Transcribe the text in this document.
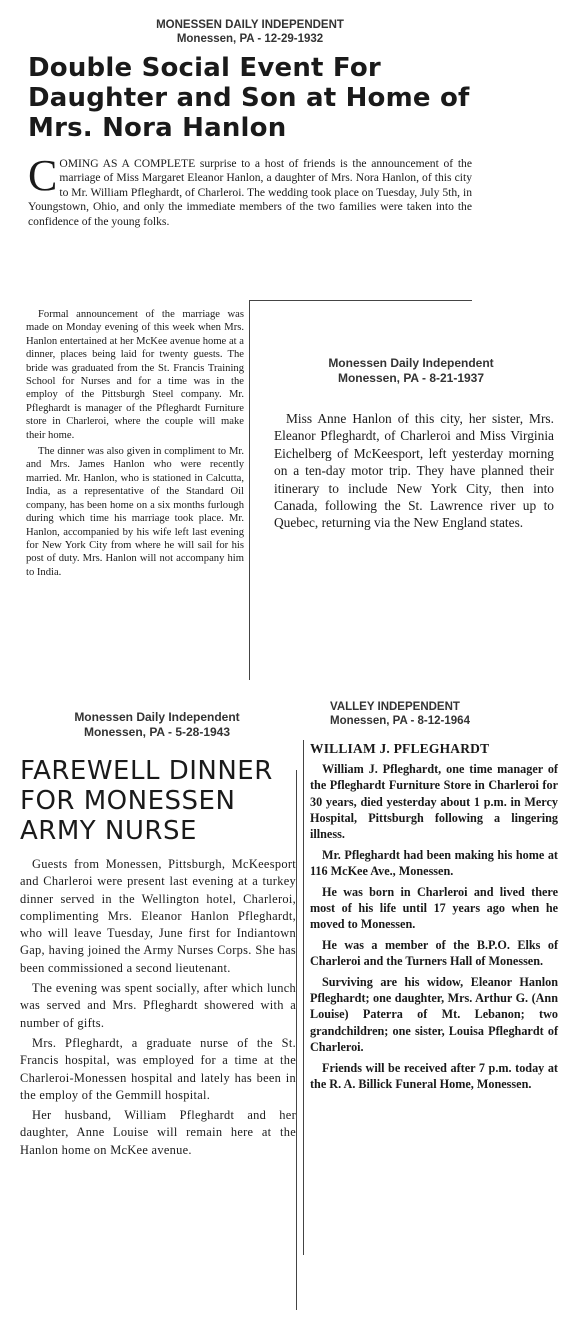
MONESSEN DAILY INDEPENDENT
Monessen, PA - 12-29-1932
Double Social Event For Daughter and Son at Home of Mrs. Nora Hanlon
C OMING AS A COMPLETE surprise to a host of friends is the announcement of the marriage of Miss Margaret Eleanor Hanlon, a daughter of Mrs. Nora Hanlon, of this city to Mr. William Pfleghardt, of Charleroi. The wedding took place on Tuesday, July 5th, in Youngstown, Ohio, and only the immediate members of the two families were taken into the confidence of the young folks.

Formal announcement of the marriage was made on Monday evening of this week when Mrs. Hanlon entertained at her McKee avenue home at a dinner, places being laid for twenty guests. The bride was graduated from the St. Francis Training School for Nurses and for a time was in the employ of the Pittsburgh Steel company. Mr. Pfleghardt is manager of the Pfleghardt Furniture store in Charleroi, where the couple will make their home.

The dinner was also given in compliment to Mr. and Mrs. James Hanlon who were recently married. Mr. Hanlon, who is stationed in Calcutta, India, as a representative of the Standard Oil company, has been home on a six months furlough during which time his marriage took place. Mr. Hanlon, accompanied by his wife left last evening for New York City from where he will sail for his post of duty. Mrs. Hanlon will not accompany him to India.

Monessen Daily Independent
Monessen, PA - 8-21-1937

Miss Anne Hanlon of this city, her sister, Mrs. Eleanor Pfleghardt, of Charleroi and Miss Virginia Eichelberg of McKeesport, left yesterday morning on a ten-day motor trip. They have planned their itinerary to include New York City, then into Canada, following the St. Lawrence river up to Quebec, returning via the New England states.

Monessen Daily Independent
Monessen, PA - 5-28-1943
FAREWELL DINNER
FOR MONESSEN
ARMY NURSE

Guests from Monessen, Pittsburgh, McKeesport and Charleroi were present last evening at a turkey dinner served in the Wellington hotel, Charleroi, complimenting Mrs. Eleanor Hanlon Pfleghardt, who will leave Tuesday, June first for Indiantown Gap, having joined the Army Nurses Corps. She has been commissioned a second lieutenant.

The evening was spent socially, after which lunch was served and Mrs. Pfleghardt showered with a number of gifts.

Mrs. Pfleghardt, a graduate nurse of the St. Francis hospital, was employed for a time at the Charleroi-Monessen hospital and lately has been in the employ of the Gemmill hospital.

Her husband, William Pfleghardt and her daughter, Anne Louise will remain here at the Hanlon home on McKee avenue.

VALLEY INDEPENDENT
Monessen, PA - 8-12-1964
WILLIAM J. PFLEGHARDT

William J. Pfleghardt, one time manager of the Pfleghardt Furniture Store in Charleroi for 30 years, died yesterday about 1 p.m. in Mercy Hospital, Pittsburgh following a lingering illness.

Mr. Pfleghardt had been making his home at 116 McKee Ave., Monessen.

He was born in Charleroi and lived there most of his life until 17 years ago when he moved to Monessen.

He was a member of the B.P.O. Elks of Charleroi and the Turners Hall of Monessen.

Surviving are his widow, Eleanor Hanlon Pfleghardt; one daughter, Mrs. Arthur G. (Ann Louise) Paterra of Mt. Lebanon; two grandchildren; one sister, Louisa Pfleghardt of Charleroi.

Friends will be received after 7 p.m. today at the R. A. Billick Funeral Home, Monessen.
